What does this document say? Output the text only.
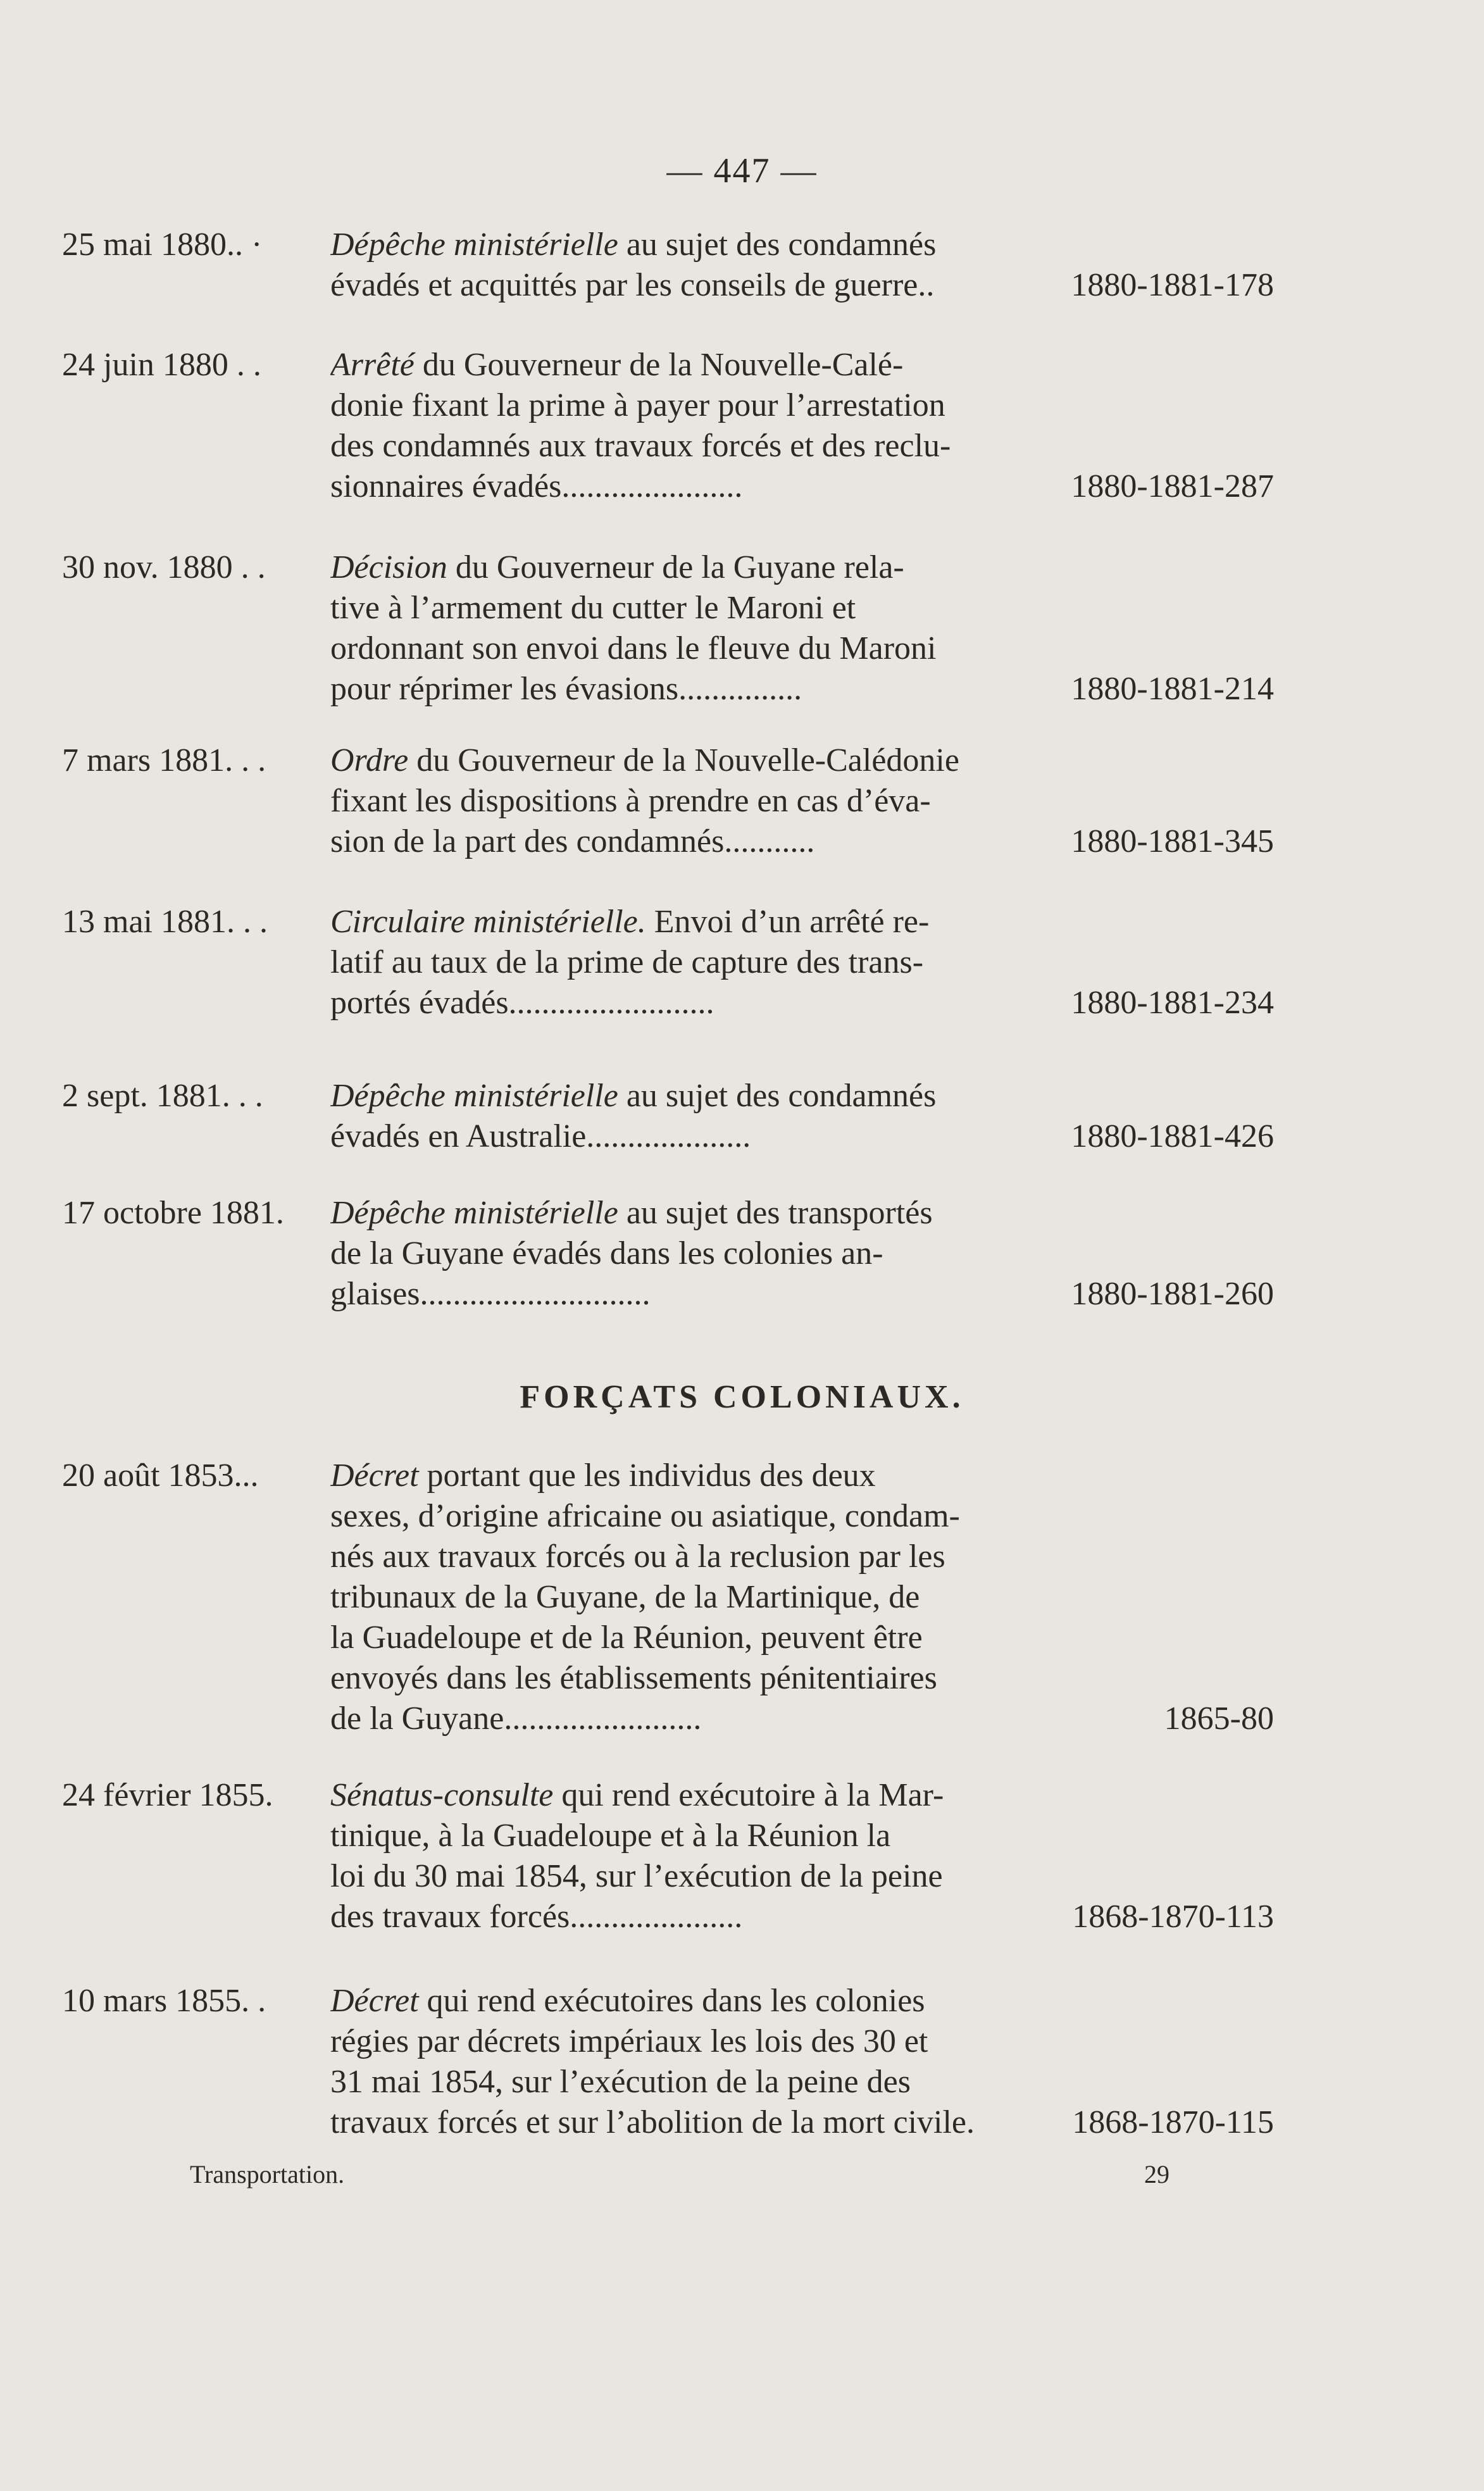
— 447 —
25 mai 1880.. · Dépêche ministérielle au sujet des condamnés
évadés et acquittés par les conseils de guerre..	1880-1881-178
24 juin 1880 . . Arrêté du Gouverneur de la Nouvelle-Calé-
donie fixant la prime à payer pour l’arrestation
des condamnés aux travaux forcés et des reclu-
sionnaires évadés......................	1880-1881-287
30 nov. 1880 . . Décision du Gouverneur de la Guyane rela-
tive à l’armement du cutter le Maroni et
ordonnant son envoi dans le fleuve du Maroni
pour réprimer les évasions...............	1880-1881-214
7 mars 1881. . . Ordre du Gouverneur de la Nouvelle-Calédonie
fixant les dispositions à prendre en cas d’éva-
sion de la part des condamnés...........	1880-1881-345
13 mai 1881. . . Circulaire ministérielle. Envoi d’un arrêté re-
latif au taux de la prime de capture des trans-
portés évadés.........................	1880-1881-234
2 sept. 1881. . . Dépêche ministérielle au sujet des condamnés
évadés en Australie....................	1880-1881-426
17 octobre 1881. Dépêche ministérielle au sujet des transportés
de la Guyane évadés dans les colonies an-
glaises............................	1880-1881-260
FORÇATS COLONIAUX.
20 août 1853... Décret portant que les individus des deux
sexes, d’origine africaine ou asiatique, condam-
nés aux travaux forcés ou à la reclusion par les
tribunaux de la Guyane, de la Martinique, de
la Guadeloupe et de la Réunion, peuvent être
envoyés dans les établissements pénitentiaires
de la Guyane........................	1865-80
24 février 1855. Sénatus-consulte qui rend exécutoire à la Mar-
tinique, à la Guadeloupe et à la Réunion la
loi du 30 mai 1854, sur l’exécution de la peine
des travaux forcés.....................	1868-1870-113
10 mars 1855. . Décret qui rend exécutoires dans les colonies
régies par décrets impériaux les lois des 30 et
31 mai 1854, sur l’exécution de la peine des
travaux forcés et sur l’abolition de la mort civile.	1868-1870-115
Transportation.	29
